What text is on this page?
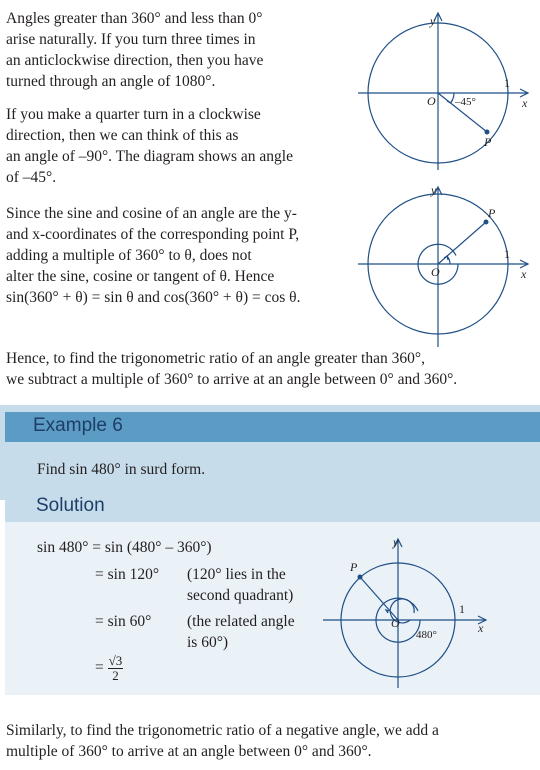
Angles greater than 360° and less than 0°
arise naturally. If you turn three times in
an anticlockwise direction, then you have
turned through an angle of 1080°.

If you make a quarter turn in a clockwise
direction, then we can think of this as
an angle of –90°. The diagram shows an angle
of –45°.

Since the sine and cosine of an angle are the y-
and x-coordinates of the corresponding point P,
adding a multiple of 360° to θ, does not
alter the sine, cosine or tangent of θ. Hence
sin(360° + θ) = sin θ and cos(360° + θ) = cos θ.

y
x
O
1
–45°
P
y
x
O
1
P

Hence, to find the trigonometric ratio of an angle greater than 360°,
we subtract a multiple of 360° to arrive at an angle between 0° and 360°.

Example 6

Find sin 480° in surd form.

Solution

sin 480° = sin (480° – 360°)

= sin 120° (120° lies in the
second quadrant)

= sin 60° (the related angle
is 60°)

= $\frac{√3}{2}$
y
x
O
1
P
480°

Similarly, to find the trigonometric ratio of a negative angle, we add a
multiple of 360° to arrive at an angle between 0° and 360°.
